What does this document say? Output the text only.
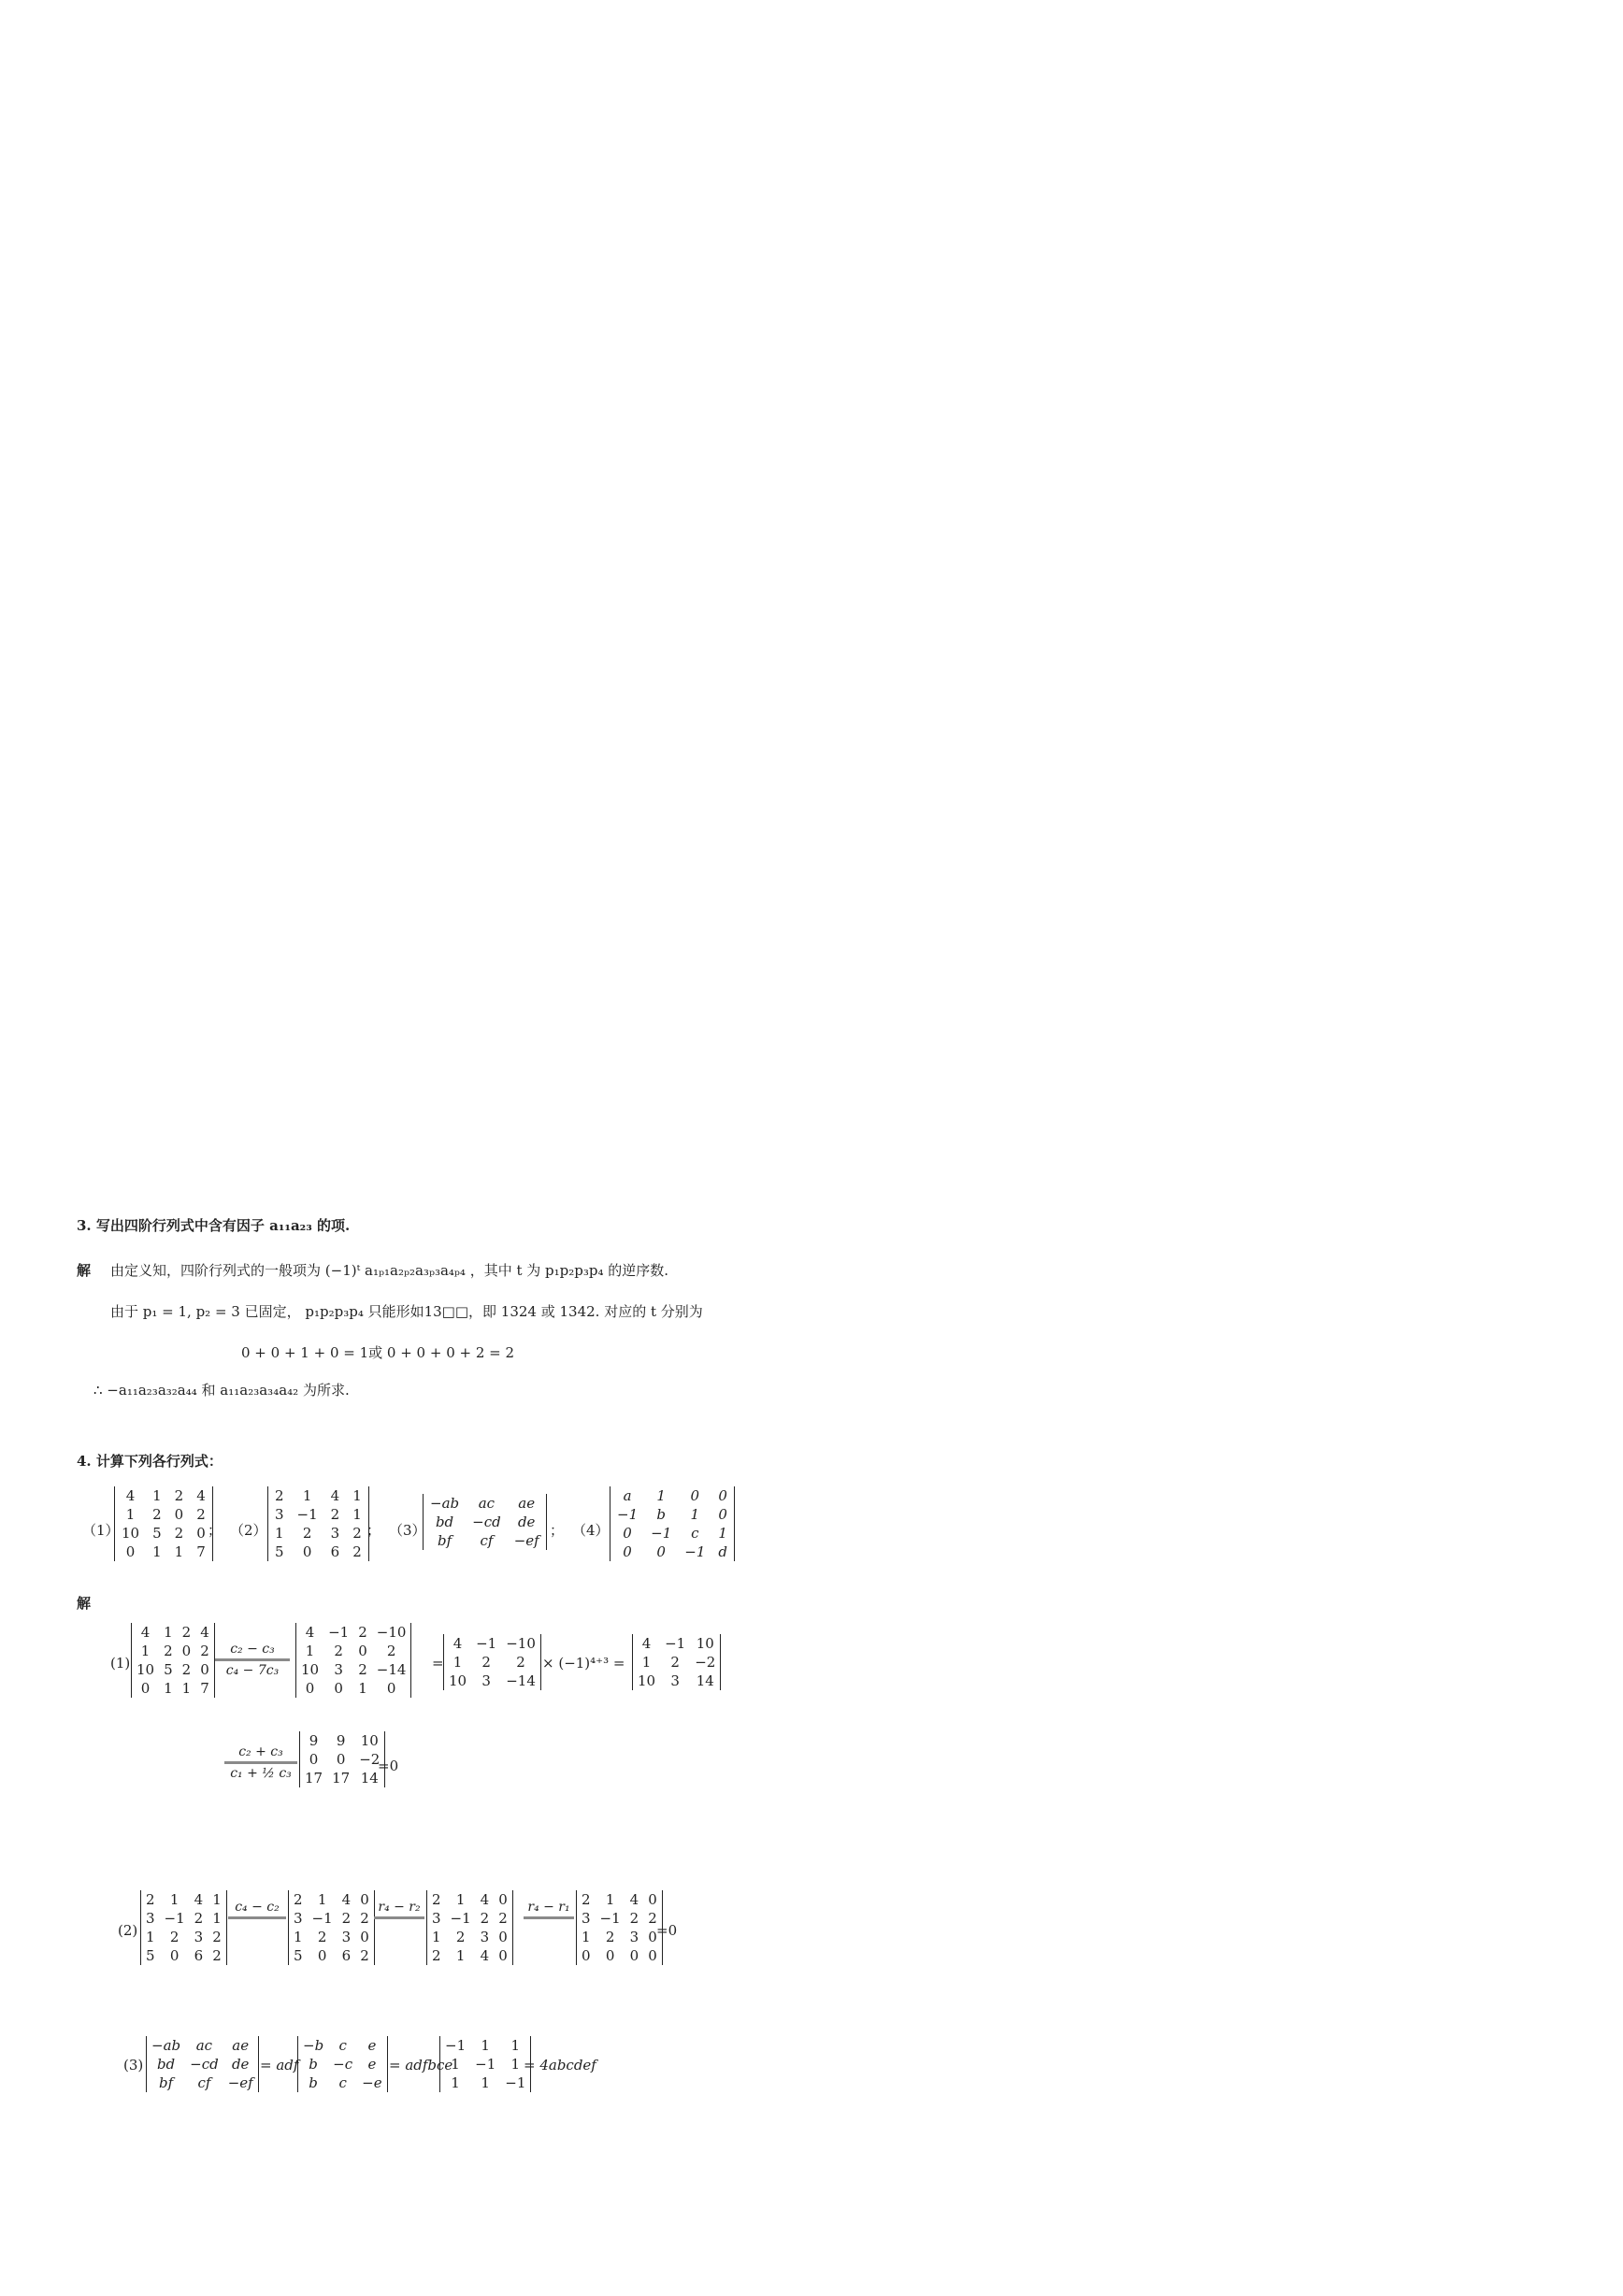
3. 写出四阶行列式中含有因子 a₁₁a₂₃ 的项.
解 由定义知，四阶行列式的一般项为 (−1)ᵗ a₁ₚ₁a₂ₚ₂a₃ₚ₃a₄ₚ₄ ，其中 t 为 p₁p₂p₃p₄ 的逆序数.
由于 p₁ = 1, p₂ = 3 已固定， p₁p₂p₃p₄ 只能形如13□□，即 1324 或 1342. 对应的 t 分别为
0 + 0 + 1 + 0 = 1或 0 + 0 + 0 + 2 = 2
∴ −a₁₁a₂₃a₃₂a₄₄ 和 a₁₁a₂₃a₃₄a₄₂ 为所求.
4. 计算下列各行列式：
（1）
4	1	2	4
1	2	0	2
10	5	2	0
0	1	1	7
； （2）
2	1	4	1
3	−1	2	1
1	2	3	2
5	0	6	2
； （3）
−ab	ac	ae
bd	−cd	de
bf	cf	−ef
； （4）
a	1	0	0
−1	b	1	0
0	−1	c	1
0	0	−1	d
解
(1)
4	1	2	4
1	2	0	2
10	5	2	0
0	1	1	7
c₂ − c₃
c₄ − 7c₃
4	−1	2	−10
1	2	0	2
10	3	2	−14
0	0	1	0
=
4	−1	−10
1	2	2
10	3	−14
× (−1)⁴⁺³ =
4	−1	10
1	2	−2
10	3	14
c₂ + c₃
c₁ + ½ c₃
9	9	10
0	0	−2
17	17	14
=0
(2)
2	1	4	1
3	−1	2	1
1	2	3	2
5	0	6	2
c₄ − c₂	2	1	4	0
3	−1	2	2
1	2	3	0
5	0	6	2
r₄ − r₂ 2	1	4	0
3	−1	2	2
1	2	3	0
2	1	4	0
r₄ − r₁ 2	1	4	0
3	−1	2	2
1	2	3	0
0	0	0	0
=0
(3)
−ab	ac	ae
bd	−cd	de
bf	cf	−ef
= adf
−b	c	e
b	−c	e
b	c	−e
= adfbce
−1	1	1
1	−1	1
1	1	−1
= 4abcdef
